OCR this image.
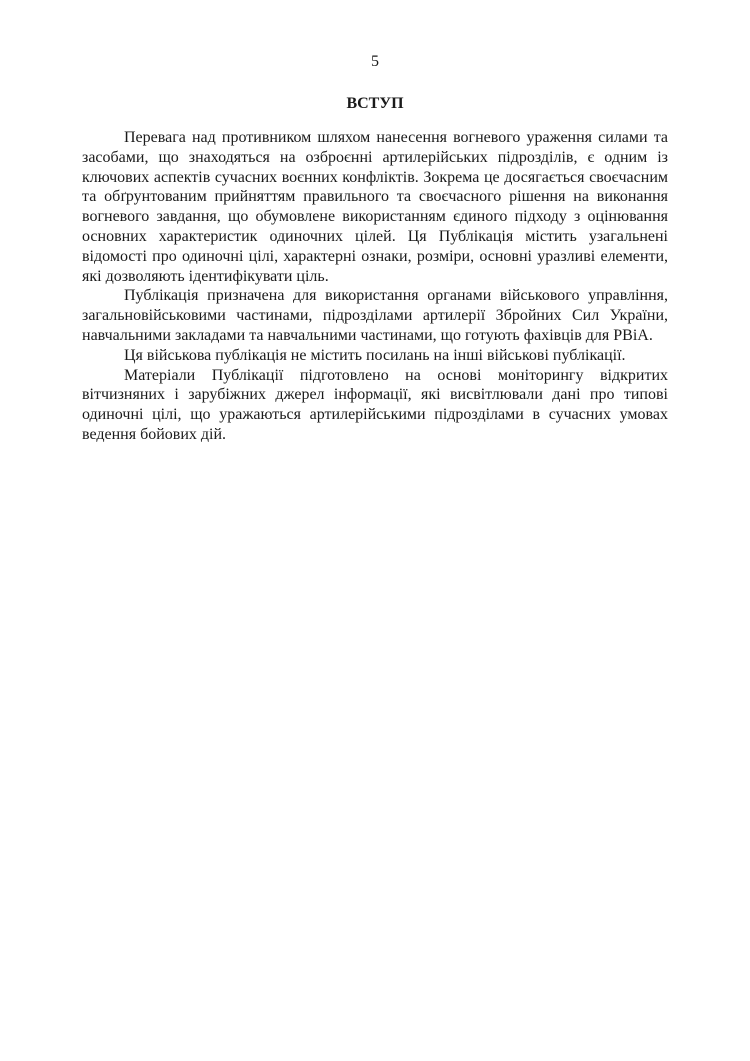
5
ВСТУП

Перевага над противником шляхом нанесення вогневого ураження силами та засобами, що знаходяться на озброєнні артилерійських підрозділів, є одним із ключових аспектів сучасних воєнних конфліктів. Зокрема це досягається своєчасним та обґрунтованим прийняттям правильного та своєчасного рішення на виконання вогневого завдання, що обумовлене використанням єдиного підходу з оцінювання основних характеристик одиночних цілей. Ця Публікація містить узагальнені відомості про одиночні цілі, характерні ознаки, розміри, основні уразливі елементи, які дозволяють ідентифікувати ціль.

Публікація призначена для використання органами військового управління, загальновійськовими частинами, підрозділами артилерії Збройних Сил України, навчальними закладами та навчальними частинами, що готують фахівців для РВіА.

Ця військова публікація не містить посилань на інші військові публікації.

Матеріали Публікації підготовлено на основі моніторингу відкритих вітчизняних і зарубіжних джерел інформації, які висвітлювали дані про типові одиночні цілі, що уражаються артилерійськими підрозділами в сучасних умовах ведення бойових дій.
